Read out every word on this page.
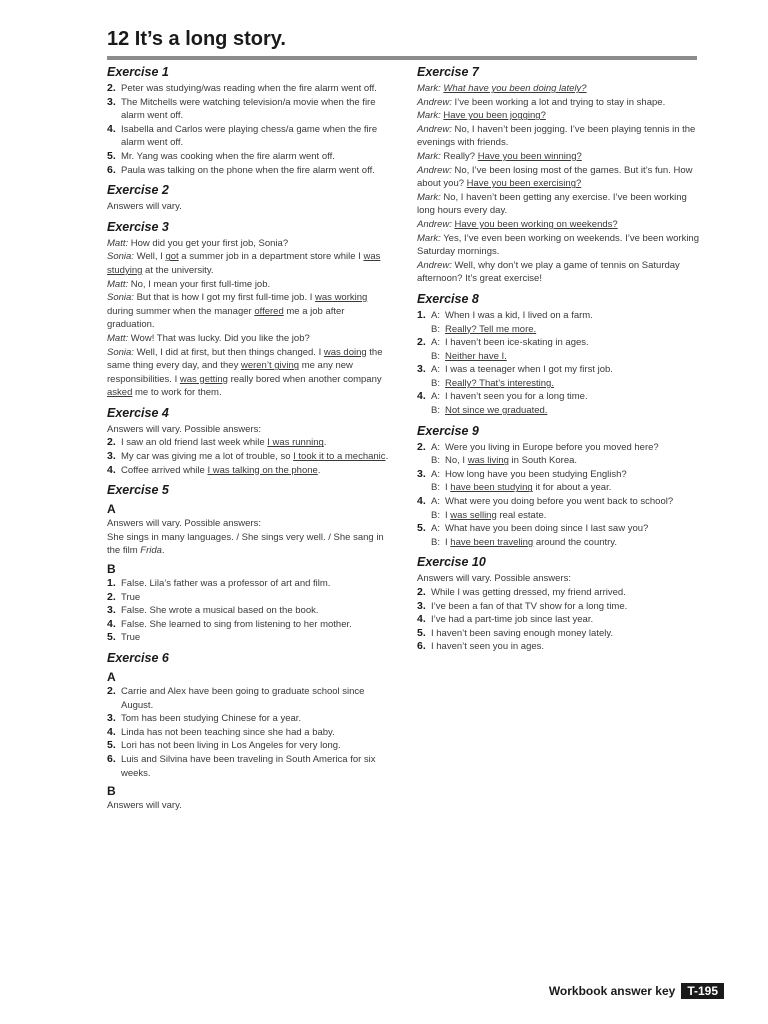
12 It’s a long story.
Exercise 1
2. Peter was studying/was reading when the fire alarm went off.
3. The Mitchells were watching television/a movie when the fire alarm went off.
4. Isabella and Carlos were playing chess/a game when the fire alarm went off.
5. Mr. Yang was cooking when the fire alarm went off.
6. Paula was talking on the phone when the fire alarm went off.
Exercise 2
Answers will vary.
Exercise 3
Matt: How did you get your first job, Sonia?
Sonia: Well, I got a summer job in a department store while I was studying at the university.
Matt: No, I mean your first full-time job.
Sonia: But that is how I got my first full-time job. I was working during summer when the manager offered me a job after graduation.
Matt: Wow! That was lucky. Did you like the job?
Sonia: Well, I did at first, but then things changed. I was doing the same thing every day, and they weren’t giving me any new responsibilities. I was getting really bored when another company asked me to work for them.
Exercise 4
Answers will vary. Possible answers:
2. I saw an old friend last week while I was running.
3. My car was giving me a lot of trouble, so I took it to a mechanic.
4. Coffee arrived while I was talking on the phone.
Exercise 5
A
Answers will vary. Possible answers:
She sings in many languages. / She sings very well. / She sang in the film Frida.
B
1. False. Lila’s father was a professor of art and film.
2. True
3. False. She wrote a musical based on the book.
4. False. She learned to sing from listening to her mother.
5. True
Exercise 6
A
2. Carrie and Alex have been going to graduate school since August.
3. Tom has been studying Chinese for a year.
4. Linda has not been teaching since she had a baby.
5. Lori has not been living in Los Angeles for very long.
6. Luis and Silvina have been traveling in South America for six weeks.
B
Answers will vary.
Exercise 7
Mark: What have you been doing lately?
Andrew: I’ve been working a lot and trying to stay in shape.
Mark: Have you been jogging?
Andrew: No, I haven’t been jogging. I’ve been playing tennis in the evenings with friends.
Mark: Really? Have you been winning?
Andrew: No, I’ve been losing most of the games. But it’s fun. How about you? Have you been exercising?
Mark: No, I haven’t been getting any exercise. I’ve been working long hours every day.
Andrew: Have you been working on weekends?
Mark: Yes, I’ve even been working on weekends. I’ve been working Saturday mornings.
Andrew: Well, why don’t we play a game of tennis on Saturday afternoon? It’s great exercise!
Exercise 8
1. A: When I was a kid, I lived on a farm.
B: Really? Tell me more.
2. A: I haven’t been ice-skating in ages.
B: Neither have I.
3. A: I was a teenager when I got my first job.
B: Really? That’s interesting.
4. A: I haven’t seen you for a long time.
B: Not since we graduated.
Exercise 9
2. A: Were you living in Europe before you moved here?
B: No, I was living in South Korea.
3. A: How long have you been studying English?
B: I have been studying it for about a year.
4. A: What were you doing before you went back to school?
B: I was selling real estate.
5. A: What have you been doing since I last saw you?
B: I have been traveling around the country.
Exercise 10
Answers will vary. Possible answers:
2. While I was getting dressed, my friend arrived.
3. I’ve been a fan of that TV show for a long time.
4. I’ve had a part-time job since last year.
5. I haven’t been saving enough money lately.
6. I haven’t seen you in ages.
Workbook answer key	T-195
